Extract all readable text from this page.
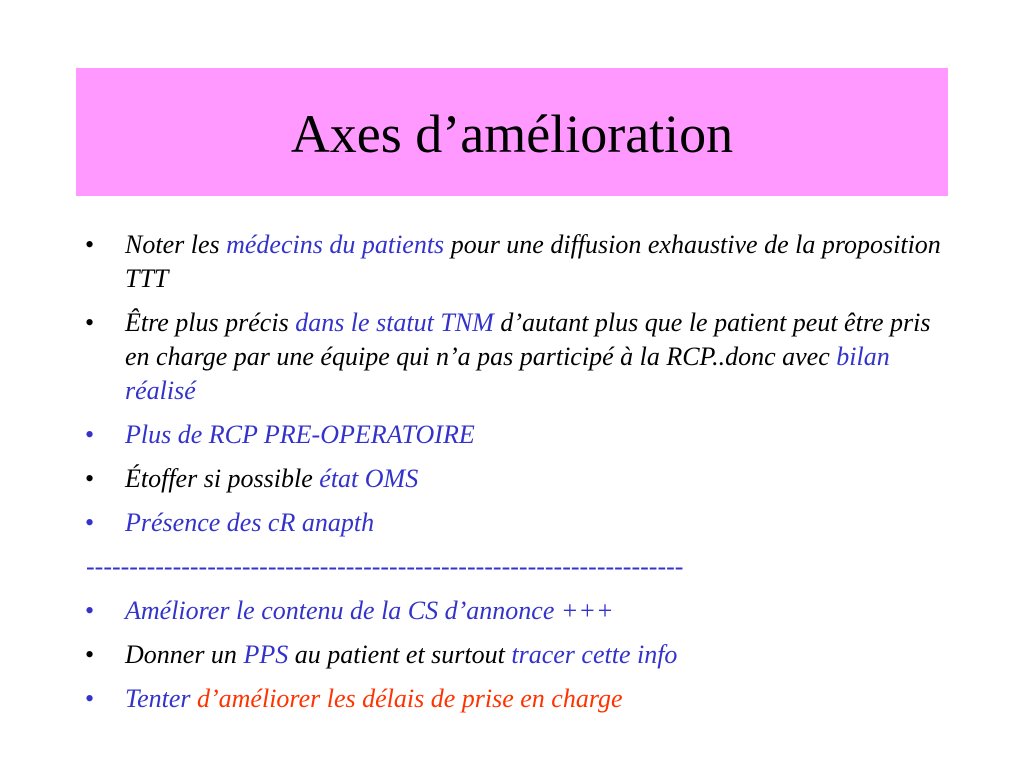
Axes d’amélioration
•	Noter les médecins du patients pour une diffusion exhaustive de la proposition TTT
•	Être plus précis dans le statut TNM d’autant plus que le patient peut être pris en charge par une équipe qui n’a pas participé à la RCP..donc avec bilan réalisé
•	Plus de RCP PRE-OPERATOIRE
•	Étoffer si possible état OMS
•	Présence des cR anapth
---------------------------------------------------------------------
•	Améliorer le contenu de la CS d’annonce +++
•	Donner un PPS au patient et surtout tracer cette info
•	Tenter d’améliorer les délais de prise en charge
